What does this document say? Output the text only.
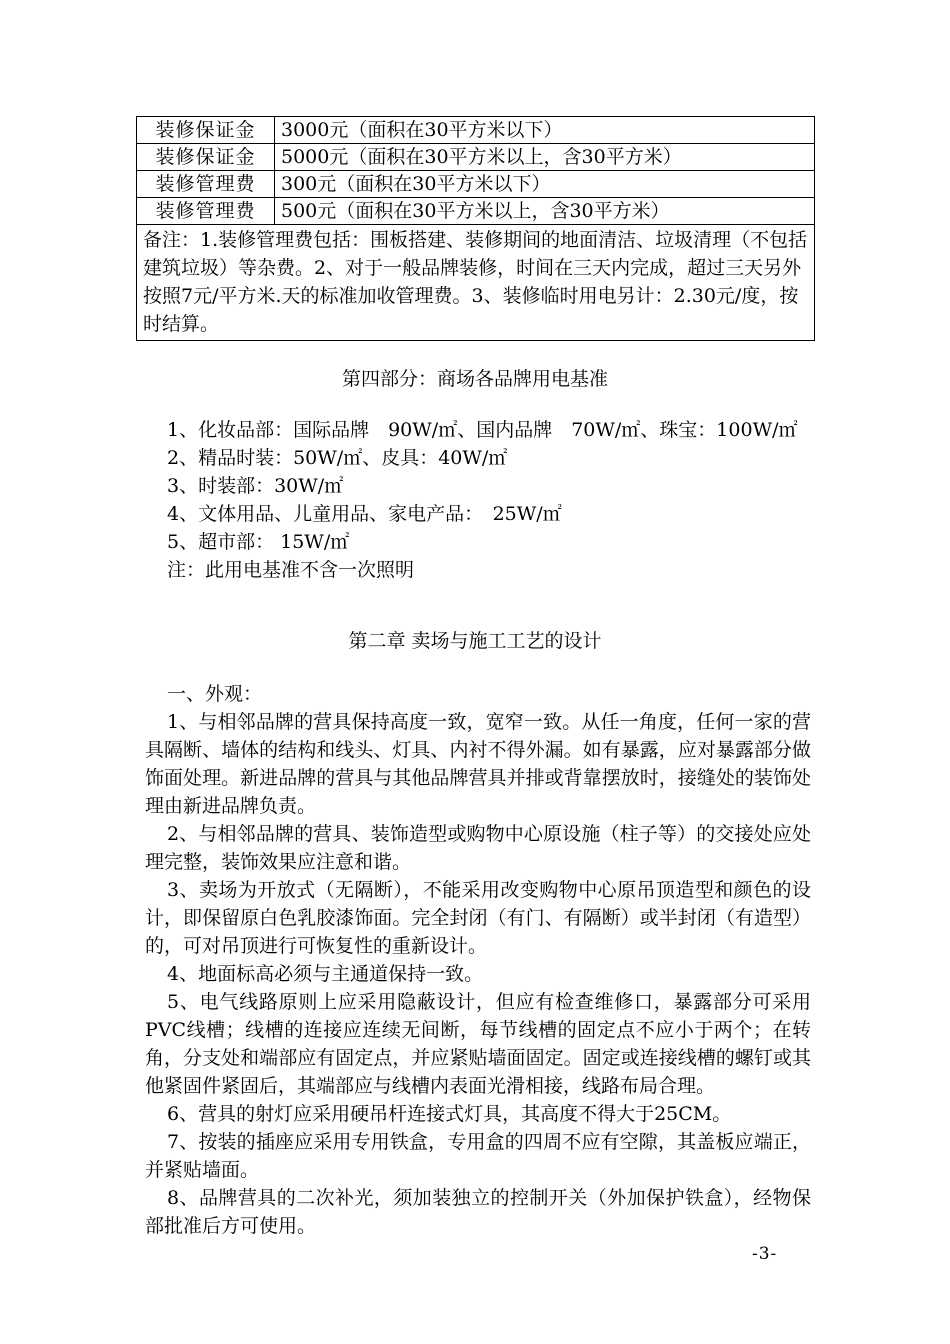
装修保证金	3000元（面积在30平方米以下）
装修保证金	5000元（面积在30平方米以上，含30平方米）
装修管理费	300元（面积在30平方米以下）
装修管理费	500元（面积在30平方米以上，含30平方米）
备注：1.装修管理费包括：围板搭建、装修期间的地面清洁、垃圾清理（不包括建筑垃圾）等杂费。2、对于一般品牌装修，时间在三天内完成，超过三天另外按照7元/平方米.天的标准加收管理费。3、装修临时用电另计：2.30元/度，按时结算。	
第四部分：商场各品牌用电基准

1、化妆品部：国际品牌　90W/㎡、国内品牌　70W/㎡、珠宝：100W/㎡

2、精品时装：50W/㎡、皮具：40W/㎡

3、时装部：30W/㎡

4、文体用品、儿童用品、家电产品：　25W/㎡

5、超市部： 15W/㎡

注：此用电基准不含一次照明

第二章 卖场与施工工艺的设计

一、外观：

1、与相邻品牌的营具保持高度一致，宽窄一致。从任一角度，任何一家的营具隔断、墙体的结构和线头、灯具、内衬不得外漏。如有暴露，应对暴露部分做饰面处理。新进品牌的营具与其他品牌营具并排或背靠摆放时，接缝处的装饰处理由新进品牌负责。

2、与相邻品牌的营具、装饰造型或购物中心原设施（柱子等）的交接处应处理完整，装饰效果应注意和谐。

3、卖场为开放式（无隔断），不能采用改变购物中心原吊顶造型和颜色的设计，即保留原白色乳胶漆饰面。完全封闭（有门、有隔断）或半封闭（有造型）的，可对吊顶进行可恢复性的重新设计。

4、地面标高必须与主通道保持一致。

5、电气线路原则上应采用隐蔽设计，但应有检查维修口，暴露部分可采用PVC线槽；线槽的连接应连续无间断，每节线槽的固定点不应小于两个；在转角，分支处和端部应有固定点，并应紧贴墙面固定。固定或连接线槽的螺钉或其他紧固件紧固后，其端部应与线槽内表面光滑相接，线路布局合理。

6、营具的射灯应采用硬吊杆连接式灯具，其高度不得大于25CM。

7、按装的插座应采用专用铁盒，专用盒的四周不应有空隙，其盖板应端正，并紧贴墙面。

8、品牌营具的二次补光，须加装独立的控制开关（外加保护铁盒），经物保部批准后方可使用。

-3-
